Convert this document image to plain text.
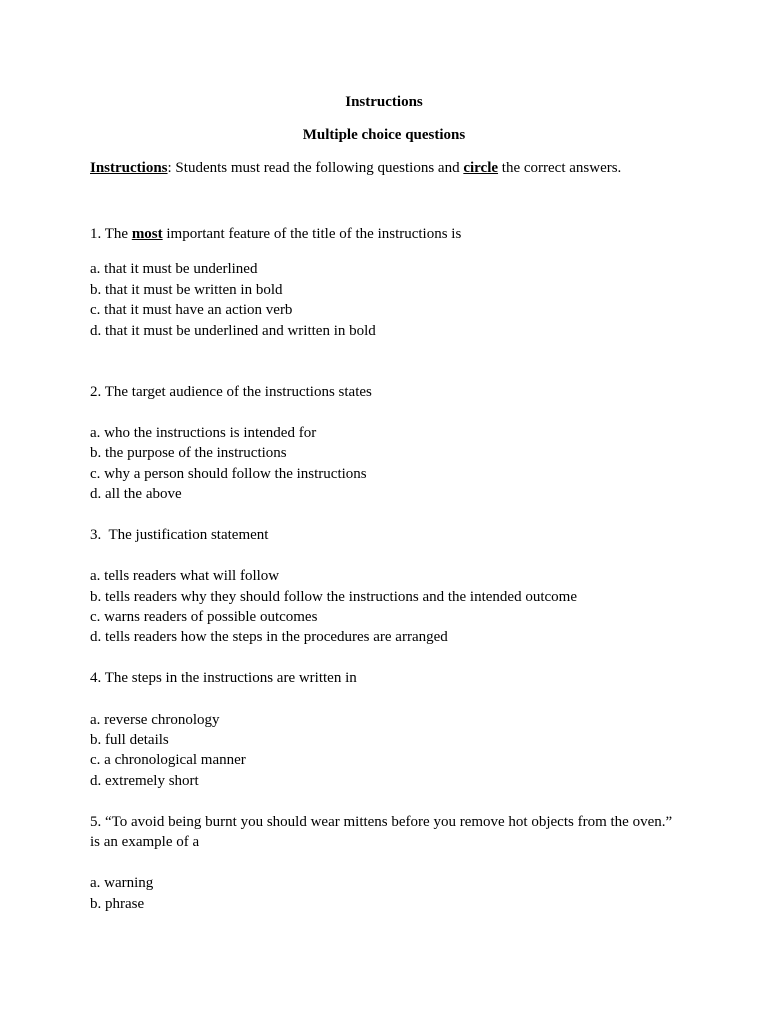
Instructions
Multiple choice questions
Instructions: Students must read the following questions and circle the correct answers.
1. The most important feature of the title of the instructions is
a. that it must be underlined
b. that it must be written in bold
c. that it must have an action verb
d. that it must be underlined and written in bold
2. The target audience of the instructions states
a. who the instructions is intended for
b. the purpose of the instructions
c. why a person should follow the instructions
d. all the above
3.  The justification statement
a. tells readers what will follow
b. tells readers why they should follow the instructions and the intended outcome
c. warns readers of possible outcomes
d. tells readers how the steps in the procedures are arranged
4. The steps in the instructions are written in
a. reverse chronology
b. full details
c. a chronological manner
d. extremely short
5. “To avoid being burnt you should wear mittens before you remove hot objects from the oven.”
is an example of a
a. warning
b. phrase
